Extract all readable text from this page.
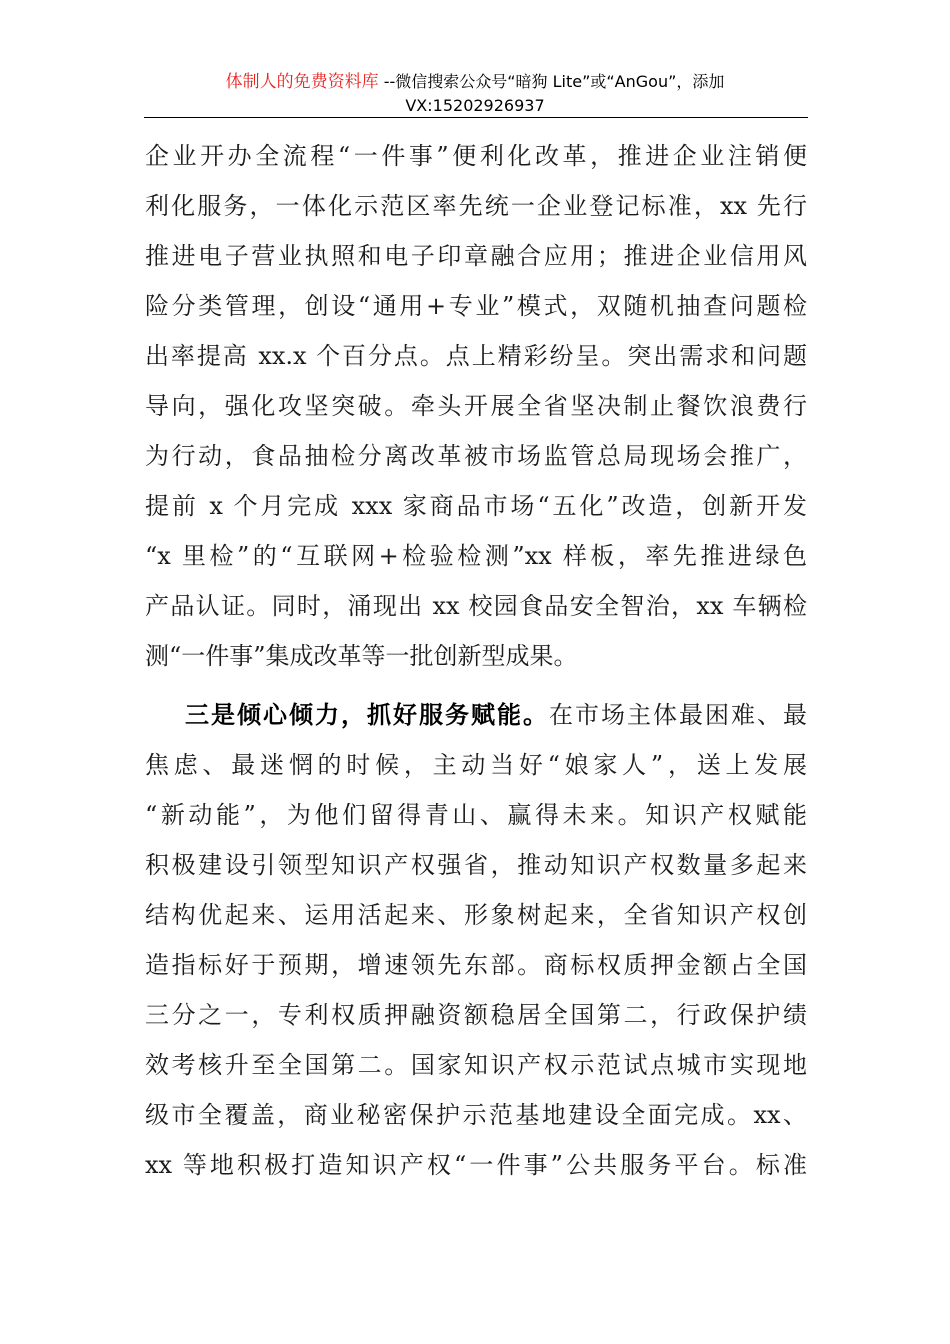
体制人的免费资料库 --微信搜索公众号“暗狗 Lite”或“AnGou”，添加
VX:15202926937
企业开办全流程“一件事”便利化改革，推进企业注销便
利化服务，一体化示范区率先统一企业登记标准，xx 先行
推进电子营业执照和电子印章融合应用；推进企业信用风
险分类管理，创设“通用+专业”模式，双随机抽查问题检
出率提高 xx.x 个百分点。点上精彩纷呈。突出需求和问题
导向，强化攻坚突破。牵头开展全省坚决制止餐饮浪费行
为行动，食品抽检分离改革被市场监管总局现场会推广，
提前 x 个月完成 xxx 家商品市场“五化”改造，创新开发
“x 里检”的“互联网+检验检测”xx 样板，率先推进绿色
产品认证。同时，涌现出 xx 校园食品安全智治，xx 车辆检
测“一件事”集成改革等一批创新型成果。
三是倾心倾力，抓好服务赋能。在市场主体最困难、最
焦虑、最迷惘的时候，主动当好“娘家人”，送上发展
“新动能”，为他们留得青山、赢得未来。知识产权赋能
积极建设引领型知识产权强省，推动知识产权数量多起来
结构优起来、运用活起来、形象树起来，全省知识产权创
造指标好于预期，增速领先东部。商标权质押金额占全国
三分之一，专利权质押融资额稳居全国第二，行政保护绩
效考核升至全国第二。国家知识产权示范试点城市实现地
级市全覆盖，商业秘密保护示范基地建设全面完成。xx、
xx 等地积极打造知识产权“一件事”公共服务平台。标准
